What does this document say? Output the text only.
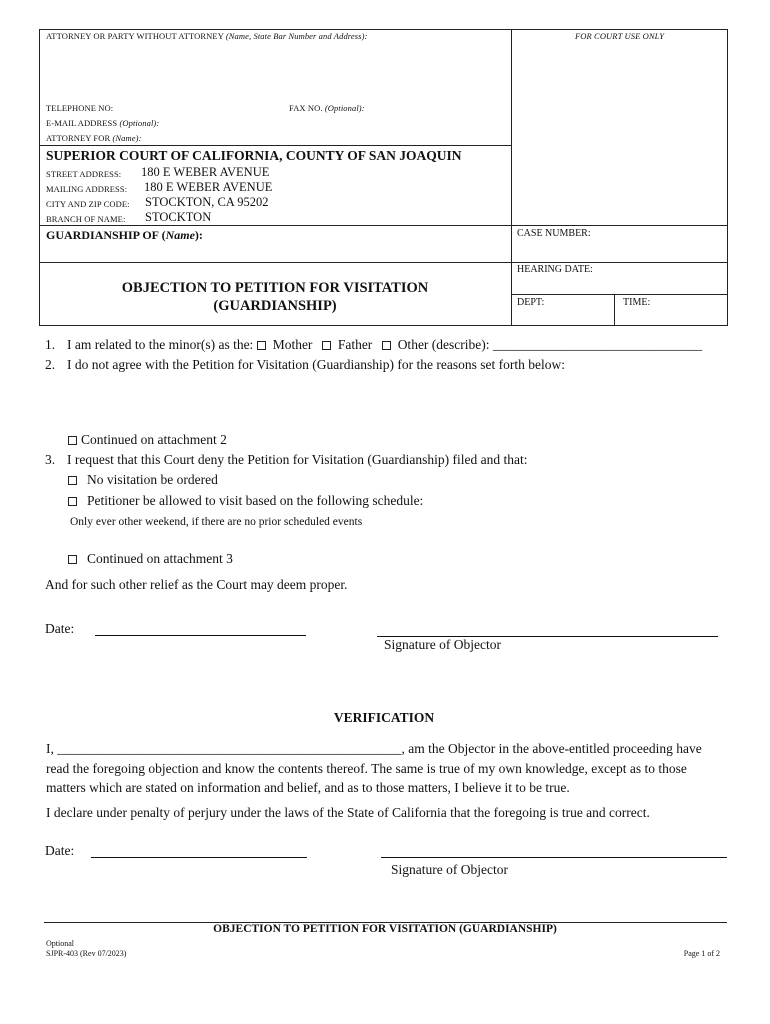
ATTORNEY OR PARTY WITHOUT ATTORNEY (Name, State Bar Number and Address):	FOR COURT USE ONLY
TELEPHONE NO:	FAX NO. (Optional):
E-MAIL ADDRESS (Optional):
ATTORNEY FOR (Name):
SUPERIOR COURT OF CALIFORNIA, COUNTY OF SAN JOAQUIN
STREET ADDRESS: 180 E WEBER AVENUE
MAILING ADDRESS: 180 E WEBER AVENUE
CITY AND ZIP CODE: STOCKTON, CA 95202
BRANCH OF NAME: STOCKTON
GUARDIANSHIP OF (Name):	CASE NUMBER:
HEARING DATE:
DEPT:	TIME:
OBJECTION TO PETITION FOR VISITATION
(GUARDIANSHIP)
1. I am related to the minor(s) as the: Mother Father Other (describe): _______________________________
2. I do not agree with the Petition for Visitation (Guardianship) for the reasons set forth below:
Continued on attachment 2
3. I request that this Court deny the Petition for Visitation (Guardianship) filed and that:
No visitation be ordered
Petitioner be allowed to visit based on the following schedule:
Only ever other weekend, if there are no prior scheduled events
Continued on attachment 3
And for such other relief as the Court may deem proper.
Date:
Signature of Objector
VERIFICATION
I, ___________________________________________________, am the Objector in the above-entitled proceeding have
read the foregoing objection and know the contents thereof. The same is true of my own knowledge, except as to those
matters which are stated on information and belief, and as to those matters, I believe it to be true.
I declare under penalty of perjury under the laws of the State of California that the foregoing is true and correct.
Date:
Signature of Objector
OBJECTION TO PETITION FOR VISITATION (GUARDIANSHIP)
Optional
SJPR-403 (Rev 07/2023)	Page 1 of 2
